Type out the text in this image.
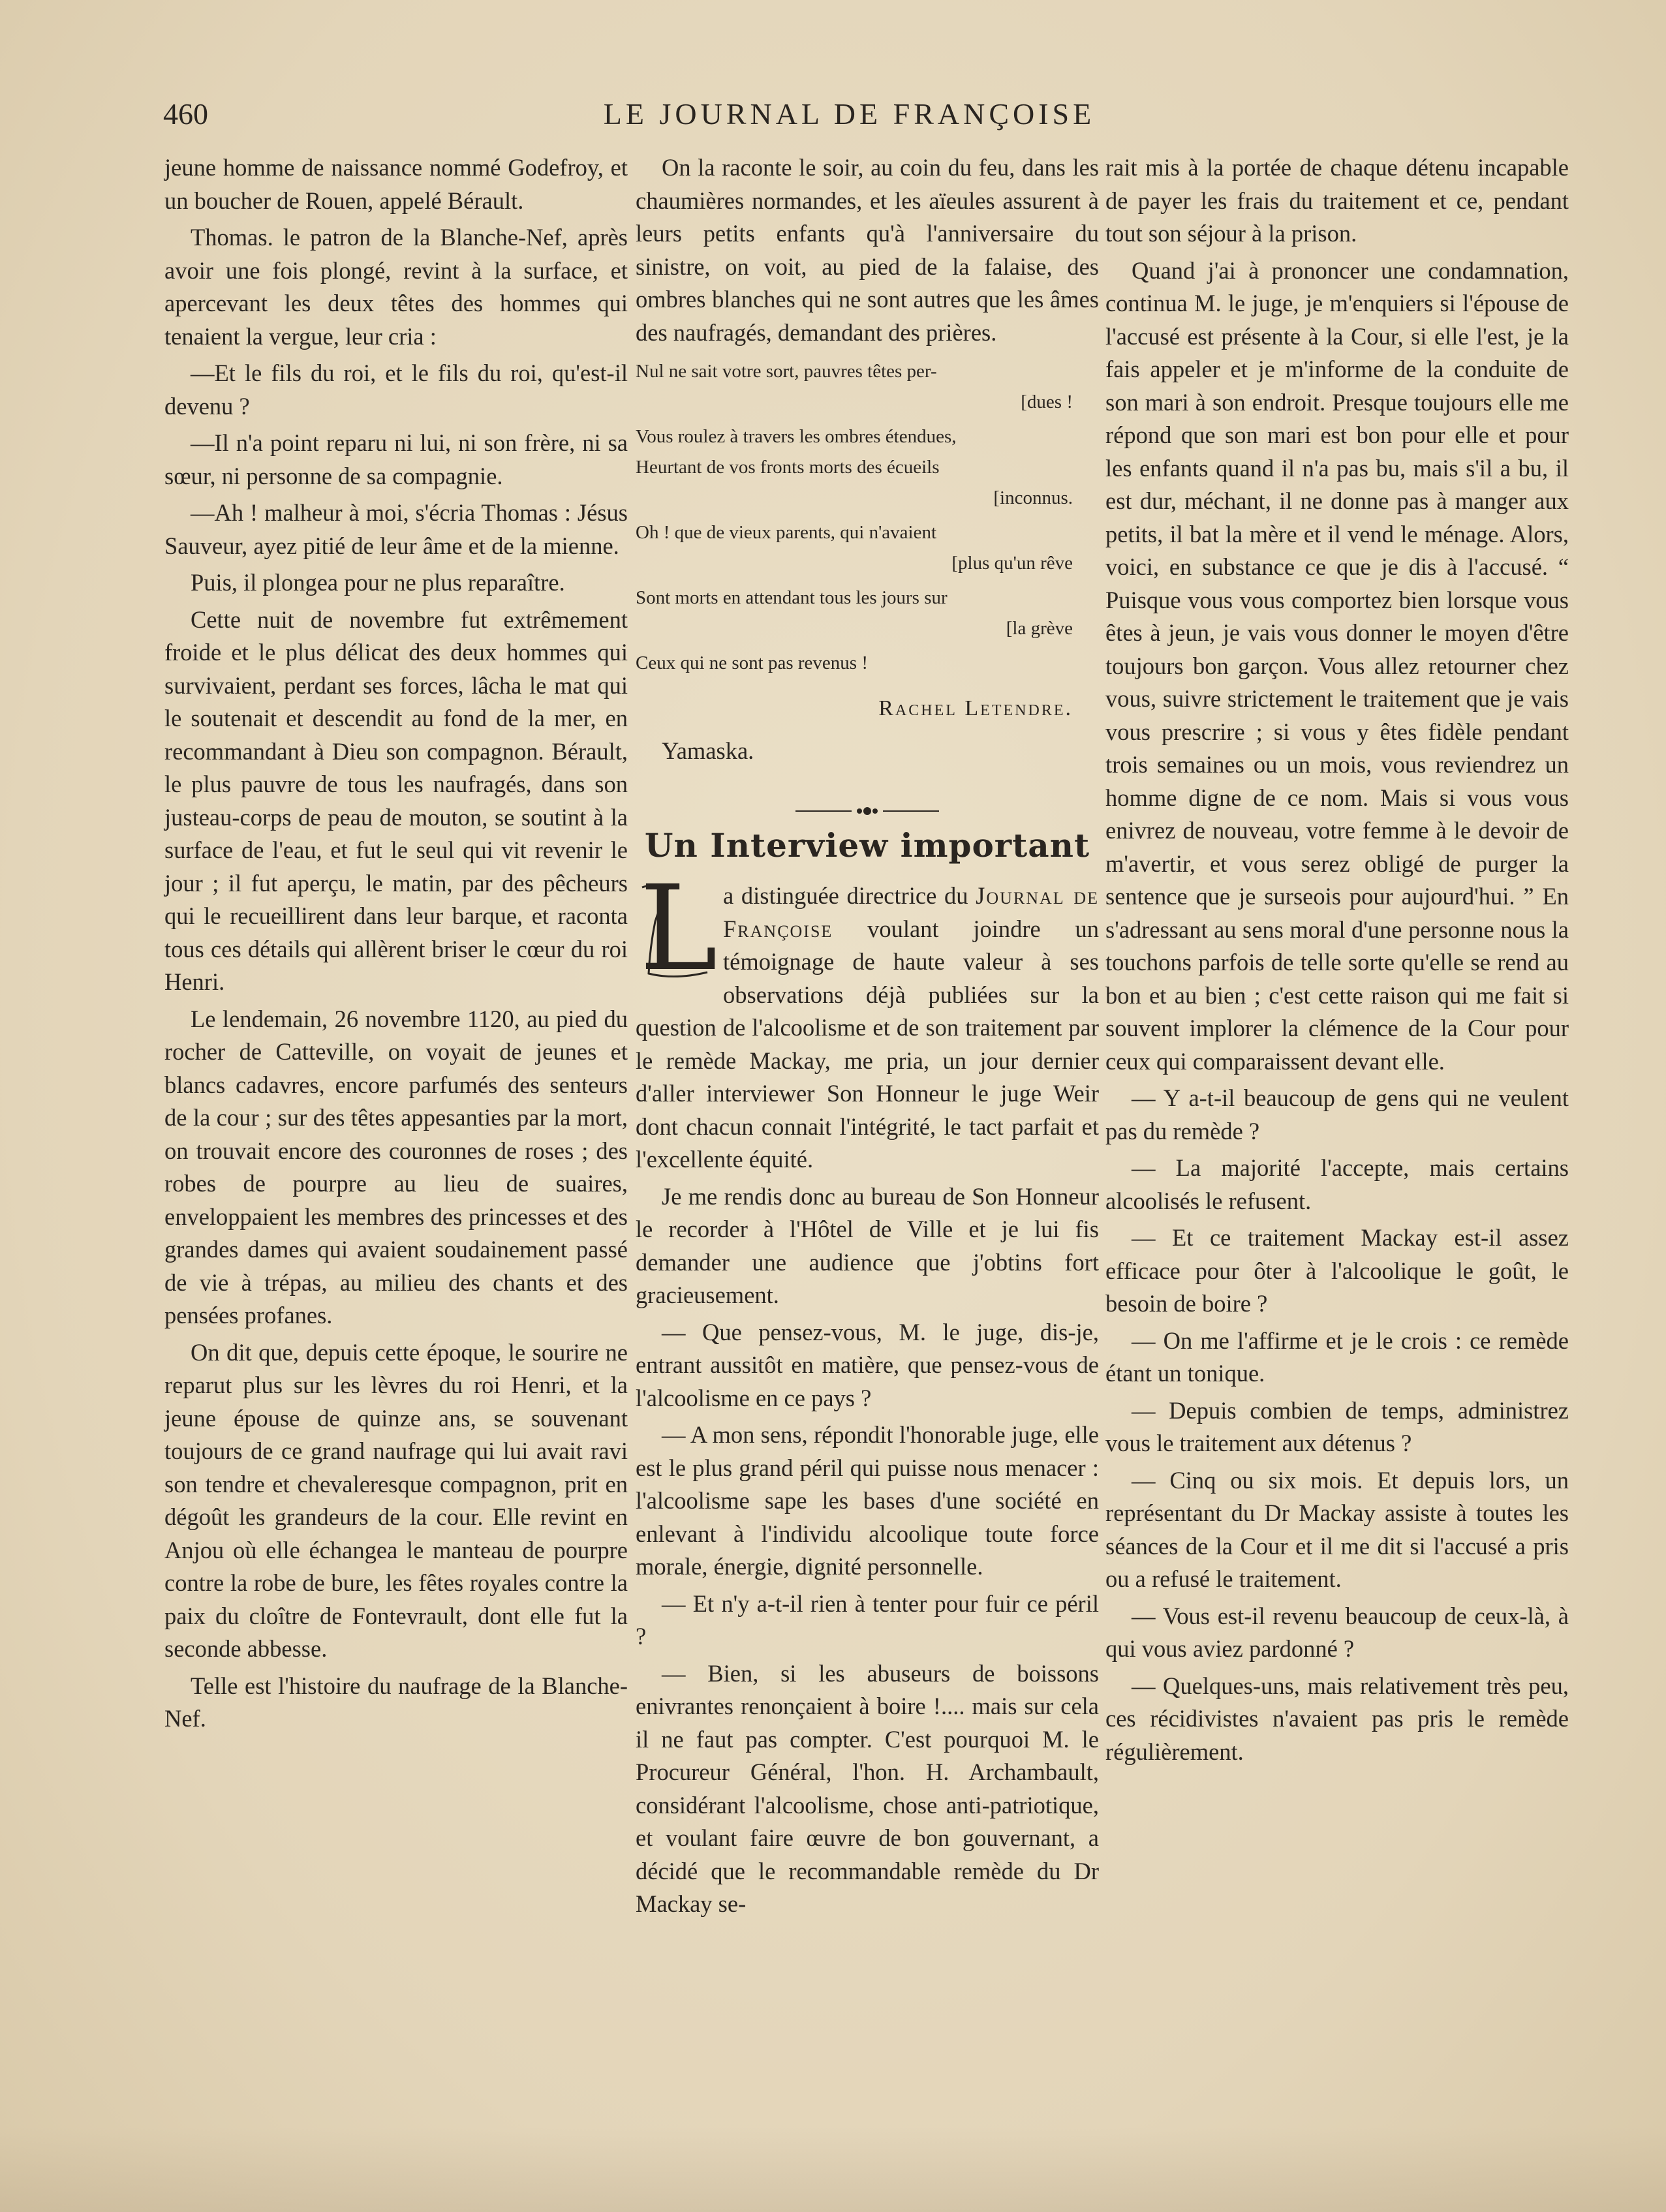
460	LE JOURNAL DE FRANÇOISE

jeune homme de naissance nommé Godefroy, et un boucher de Rouen, appelé Bérault.

Thomas. le patron de la Blanche-Nef, après avoir une fois plongé, revint à la surface, et apercevant les deux têtes des hommes qui tenaient la vergue, leur cria :

—Et le fils du roi, et le fils du roi, qu'est-il devenu ?

—Il n'a point reparu ni lui, ni son frère, ni sa sœur, ni personne de sa compagnie.

—Ah ! malheur à moi, s'écria Thomas : Jésus Sauveur, ayez pitié de leur âme et de la mienne.

Puis, il plongea pour ne plus reparaître.

Cette nuit de novembre fut extrêmement froide et le plus délicat des deux hommes qui survivaient, perdant ses forces, lâcha le mat qui le soutenait et descendit au fond de la mer, en recommandant à Dieu son compagnon. Bérault, le plus pauvre de tous les naufragés, dans son justeau-corps de peau de mouton, se soutint à la surface de l'eau, et fut le seul qui vit revenir le jour ; il fut aperçu, le matin, par des pêcheurs qui le recueillirent dans leur barque, et raconta tous ces détails qui allèrent briser le cœur du roi Henri.

Le lendemain, 26 novembre 1120, au pied du rocher de Catteville, on voyait de jeunes et blancs cadavres, encore parfumés des senteurs de la cour ; sur des têtes appesanties par la mort, on trouvait encore des couronnes de roses ; des robes de pourpre au lieu de suaires, enveloppaient les membres des princesses et des grandes dames qui avaient soudainement passé de vie à trépas, au milieu des chants et des pensées profanes.

On dit que, depuis cette époque, le sourire ne reparut plus sur les lèvres du roi Henri, et la jeune épouse de quinze ans, se souvenant toujours de ce grand naufrage qui lui avait ravi son tendre et chevaleresque compagnon, prit en dégoût les grandeurs de la cour. Elle revint en Anjou où elle échangea le manteau de pourpre contre la robe de bure, les fêtes royales contre la paix du cloître de Fontevrault, dont elle fut la seconde abbesse.

Telle est l'histoire du naufrage de la Blanche-Nef.

On la raconte le soir, au coin du feu, dans les chaumières normandes, et les aïeules assurent à leurs petits enfants qu'à l'anniversaire du sinistre, on voit, au pied de la falaise, des ombres blanches qui ne sont autres que les âmes des naufragés, demandant des prières.

Nul ne sait votre sort, pauvres têtes per-
[dues !
Vous roulez à travers les ombres étendues,
Heurtant de vos fronts morts des écueils
[inconnus.
Oh ! que de vieux parents, qui n'avaient
[plus qu'un rêve
Sont morts en attendant tous les jours sur
[la grève
Ceux qui ne sont pas revenus !
Rachel Letendre.
Yamaska.
Un Interview important

L a distinguée directrice du Journal de Françoise voulant joindre un témoignage de haute valeur à ses observations déjà publiées sur la question de l'alcoolisme et de son traitement par le remède Mackay, me pria, un jour dernier d'aller interviewer Son Honneur le juge Weir dont chacun connait l'intégrité, le tact parfait et l'excellente équité.

Je me rendis donc au bureau de Son Honneur le recorder à l'Hôtel de Ville et je lui fis demander une audience que j'obtins fort gracieusement.

— Que pensez-vous, M. le juge, dis-je, entrant aussitôt en matière, que pensez-vous de l'alcoolisme en ce pays ?

— A mon sens, répondit l'honorable juge, elle est le plus grand péril qui puisse nous menacer : l'alcoolisme sape les bases d'une société en enlevant à l'individu alcoolique toute force morale, énergie, dignité personnelle.

— Et n'y a-t-il rien à tenter pour fuir ce péril ?

— Bien, si les abuseurs de boissons enivrantes renonçaient à boire !.... mais sur cela il ne faut pas compter. C'est pourquoi M. le Procureur Général, l'hon. H. Archambault, considérant l'alcoolisme, chose anti-patriotique, et voulant faire œuvre de bon gouvernant, a décidé que le recommandable remède du Dr Mackay se-

rait mis à la portée de chaque détenu incapable de payer les frais du traitement et ce, pendant tout son séjour à la prison.

Quand j'ai à prononcer une condamnation, continua M. le juge, je m'enquiers si l'épouse de l'accusé est présente à la Cour, si elle l'est, je la fais appeler et je m'informe de la conduite de son mari à son endroit. Presque toujours elle me répond que son mari est bon pour elle et pour les enfants quand il n'a pas bu, mais s'il a bu, il est dur, méchant, il ne donne pas à manger aux petits, il bat la mère et il vend le ménage. Alors, voici, en substance ce que je dis à l'accusé. “ Puisque vous vous comportez bien lorsque vous êtes à jeun, je vais vous donner le moyen d'être toujours bon garçon. Vous allez retourner chez vous, suivre strictement le traitement que je vais vous prescrire ; si vous y êtes fidèle pendant trois semaines ou un mois, vous reviendrez un homme digne de ce nom. Mais si vous vous enivrez de nouveau, votre femme à le devoir de m'avertir, et vous serez obligé de purger la sentence que je surseois pour aujourd'hui. ” En s'adressant au sens moral d'une personne nous la touchons parfois de telle sorte qu'elle se rend au bon et au bien ; c'est cette raison qui me fait si souvent implorer la clémence de la Cour pour ceux qui comparaissent devant elle.

— Y a-t-il beaucoup de gens qui ne veulent pas du remède ?

— La majorité l'accepte, mais certains alcoolisés le refusent.

— Et ce traitement Mackay est-il assez efficace pour ôter à l'alcoolique le goût, le besoin de boire ?

— On me l'affirme et je le crois : ce remède étant un tonique.

— Depuis combien de temps, administrez vous le traitement aux détenus ?

— Cinq ou six mois. Et depuis lors, un représentant du Dr Mackay assiste à toutes les séances de la Cour et il me dit si l'accusé a pris ou a refusé le traitement.

— Vous est-il revenu beaucoup de ceux-là, à qui vous aviez pardonné ?

— Quelques-uns, mais relativement très peu, ces récidivistes n'avaient pas pris le remède régulièrement.
